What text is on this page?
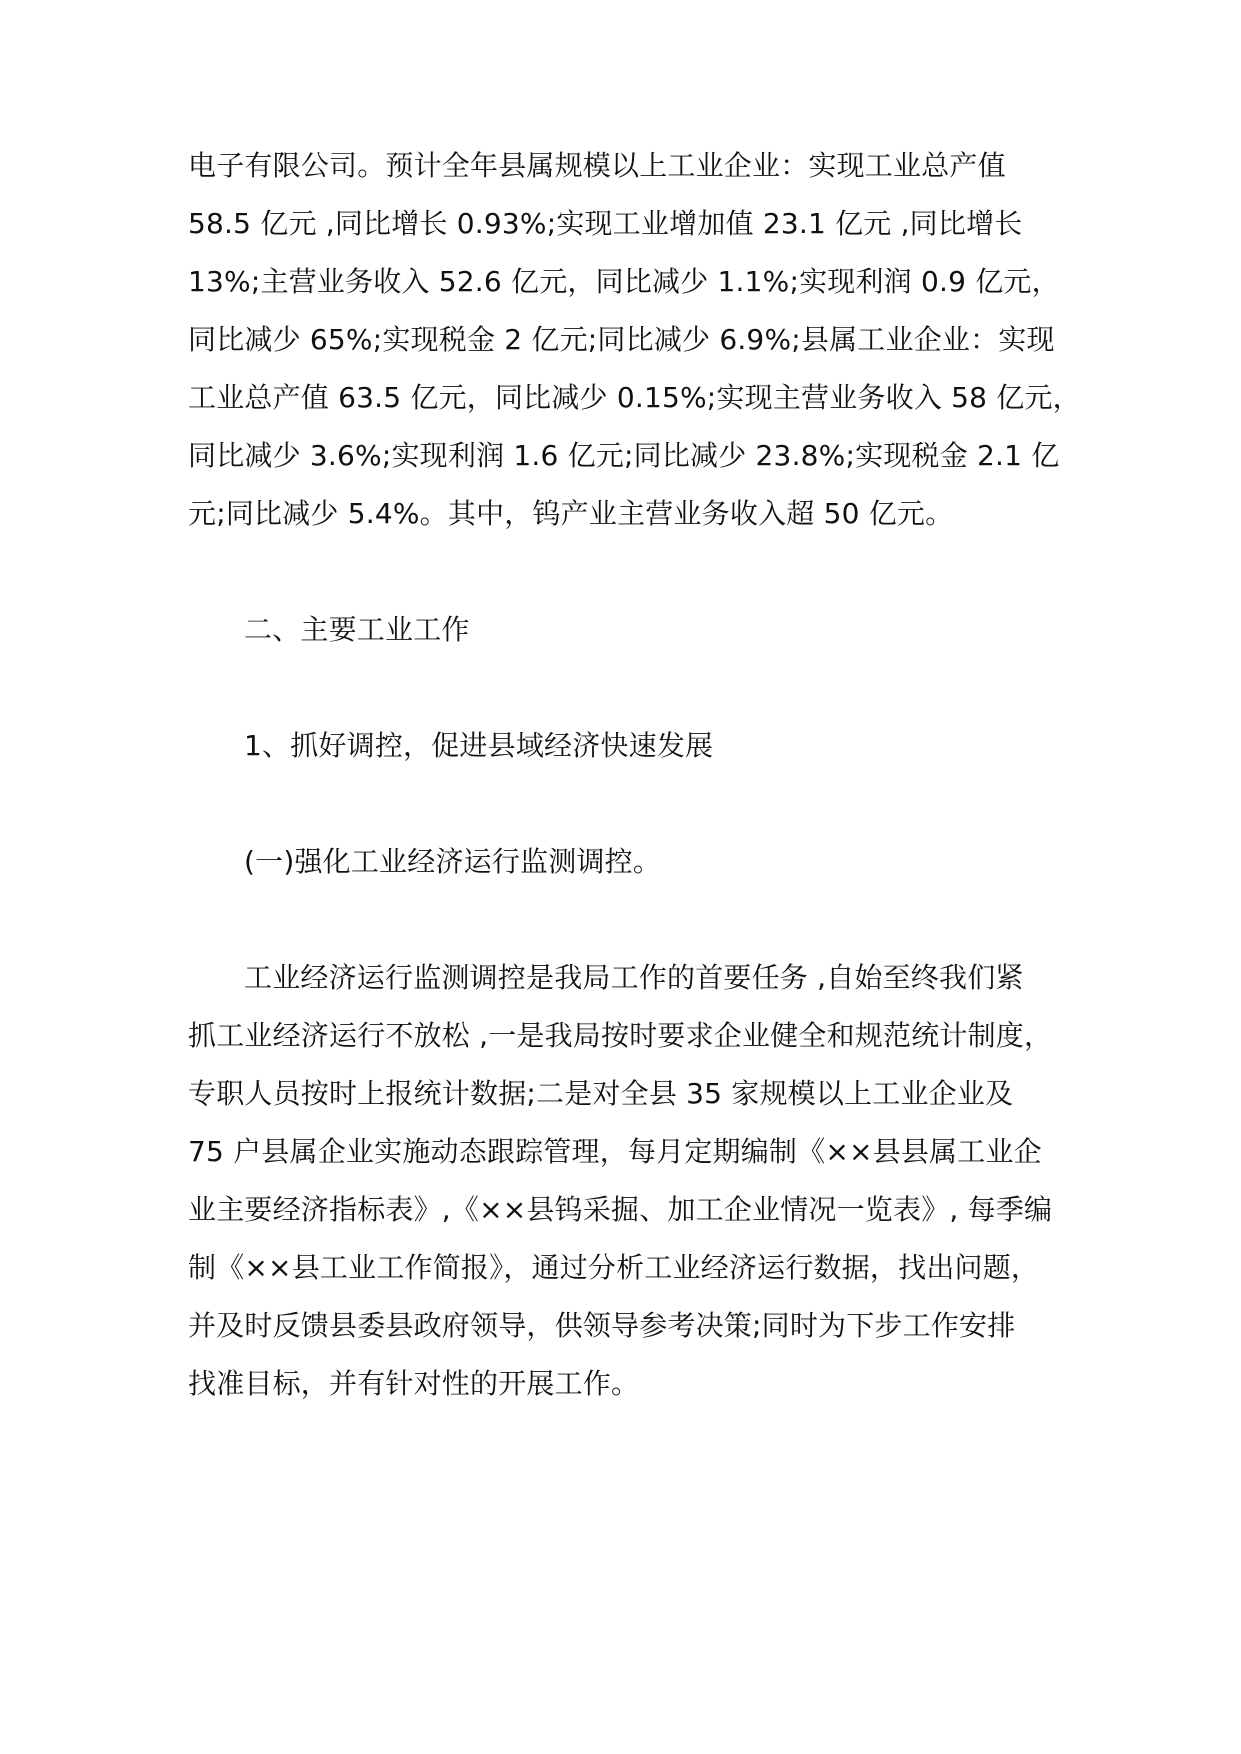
电子有限公司。预计全年县属规模以上工业企业：实现工业总产值
58.5 亿元 ,同比增长 0.93%;实现工业增加值 23.1 亿元 ,同比增长
13%;主营业务收入 52.6 亿元，同比减少 1.1%;实现利润 0.9 亿元，
同比减少 65%;实现税金 2 亿元;同比减少 6.9%;县属工业企业：实现
工业总产值 63.5 亿元，同比减少 0.15%;实现主营业务收入 58 亿元，
同比减少 3.6%;实现利润 1.6 亿元;同比减少 23.8%;实现税金 2.1 亿
元;同比减少 5.4%。其中，钨产业主营业务收入超 50 亿元。
二、主要工业工作
1、抓好调控，促进县域经济快速发展
(一)强化工业经济运行监测调控。
工业经济运行监测调控是我局工作的首要任务 ,自始至终我们紧
抓工业经济运行不放松 ,一是我局按时要求企业健全和规范统计制度，
专职人员按时上报统计数据;二是对全县 35 家规模以上工业企业及
75 户县属企业实施动态跟踪管理，每月定期编制《××县县属工业企
业主要经济指标表》,《××县钨采掘、加工企业情况一览表》, 每季编
制《××县工业工作简报》，通过分析工业经济运行数据，找出问题，
并及时反馈县委县政府领导，供领导参考决策;同时为下步工作安排
找准目标，并有针对性的开展工作。
